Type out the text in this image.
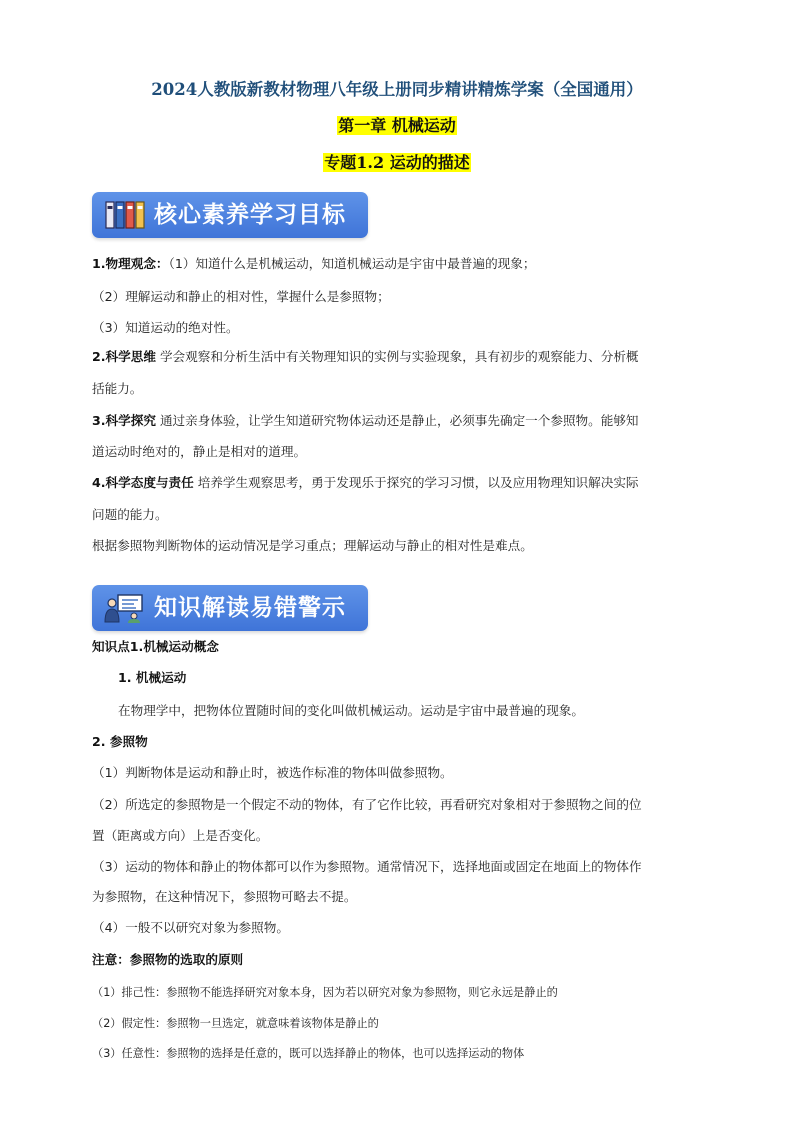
2024人教版新教材物理八年级上册同步精讲精炼学案（全国通用）
第一章 机械运动
专题1.2 运动的描述
核心素养学习目标
1.物理观念：（1）知道什么是机械运动，知道机械运动是宇宙中最普遍的现象；
（2）理解运动和静止的相对性，掌握什么是参照物；
（3）知道运动的绝对性。
2.科学思维 学会观察和分析生活中有关物理知识的实例与实验现象，具有初步的观察能力、分析概
括能力。
3.科学探究 通过亲身体验，让学生知道研究物体运动还是静止，必须事先确定一个参照物。能够知
道运动时绝对的，静止是相对的道理。
4.科学态度与责任 培养学生观察思考，勇于发现乐于探究的学习习惯，以及应用物理知识解决实际
问题的能力。
根据参照物判断物体的运动情况是学习重点；理解运动与静止的相对性是难点。
知识解读易错警示
知识点1.机械运动概念
1. 机械运动
在物理学中，把物体位置随时间的变化叫做机械运动。运动是宇宙中最普遍的现象。
2. 参照物
（1）判断物体是运动和静止时，被选作标准的物体叫做参照物。
（2）所选定的参照物是一个假定不动的物体，有了它作比较，再看研究对象相对于参照物之间的位
置（距离或方向）上是否变化。
（3）运动的物体和静止的物体都可以作为参照物。通常情况下，选择地面或固定在地面上的物体作
为参照物，在这种情况下，参照物可略去不提。
（4）一般不以研究对象为参照物。
注意：参照物的选取的原则
（1）排己性：参照物不能选择研究对象本身，因为若以研究对象为参照物，则它永远是静止的
（2）假定性：参照物一旦选定，就意味着该物体是静止的
（3）任意性：参照物的选择是任意的，既可以选择静止的物体，也可以选择运动的物体
